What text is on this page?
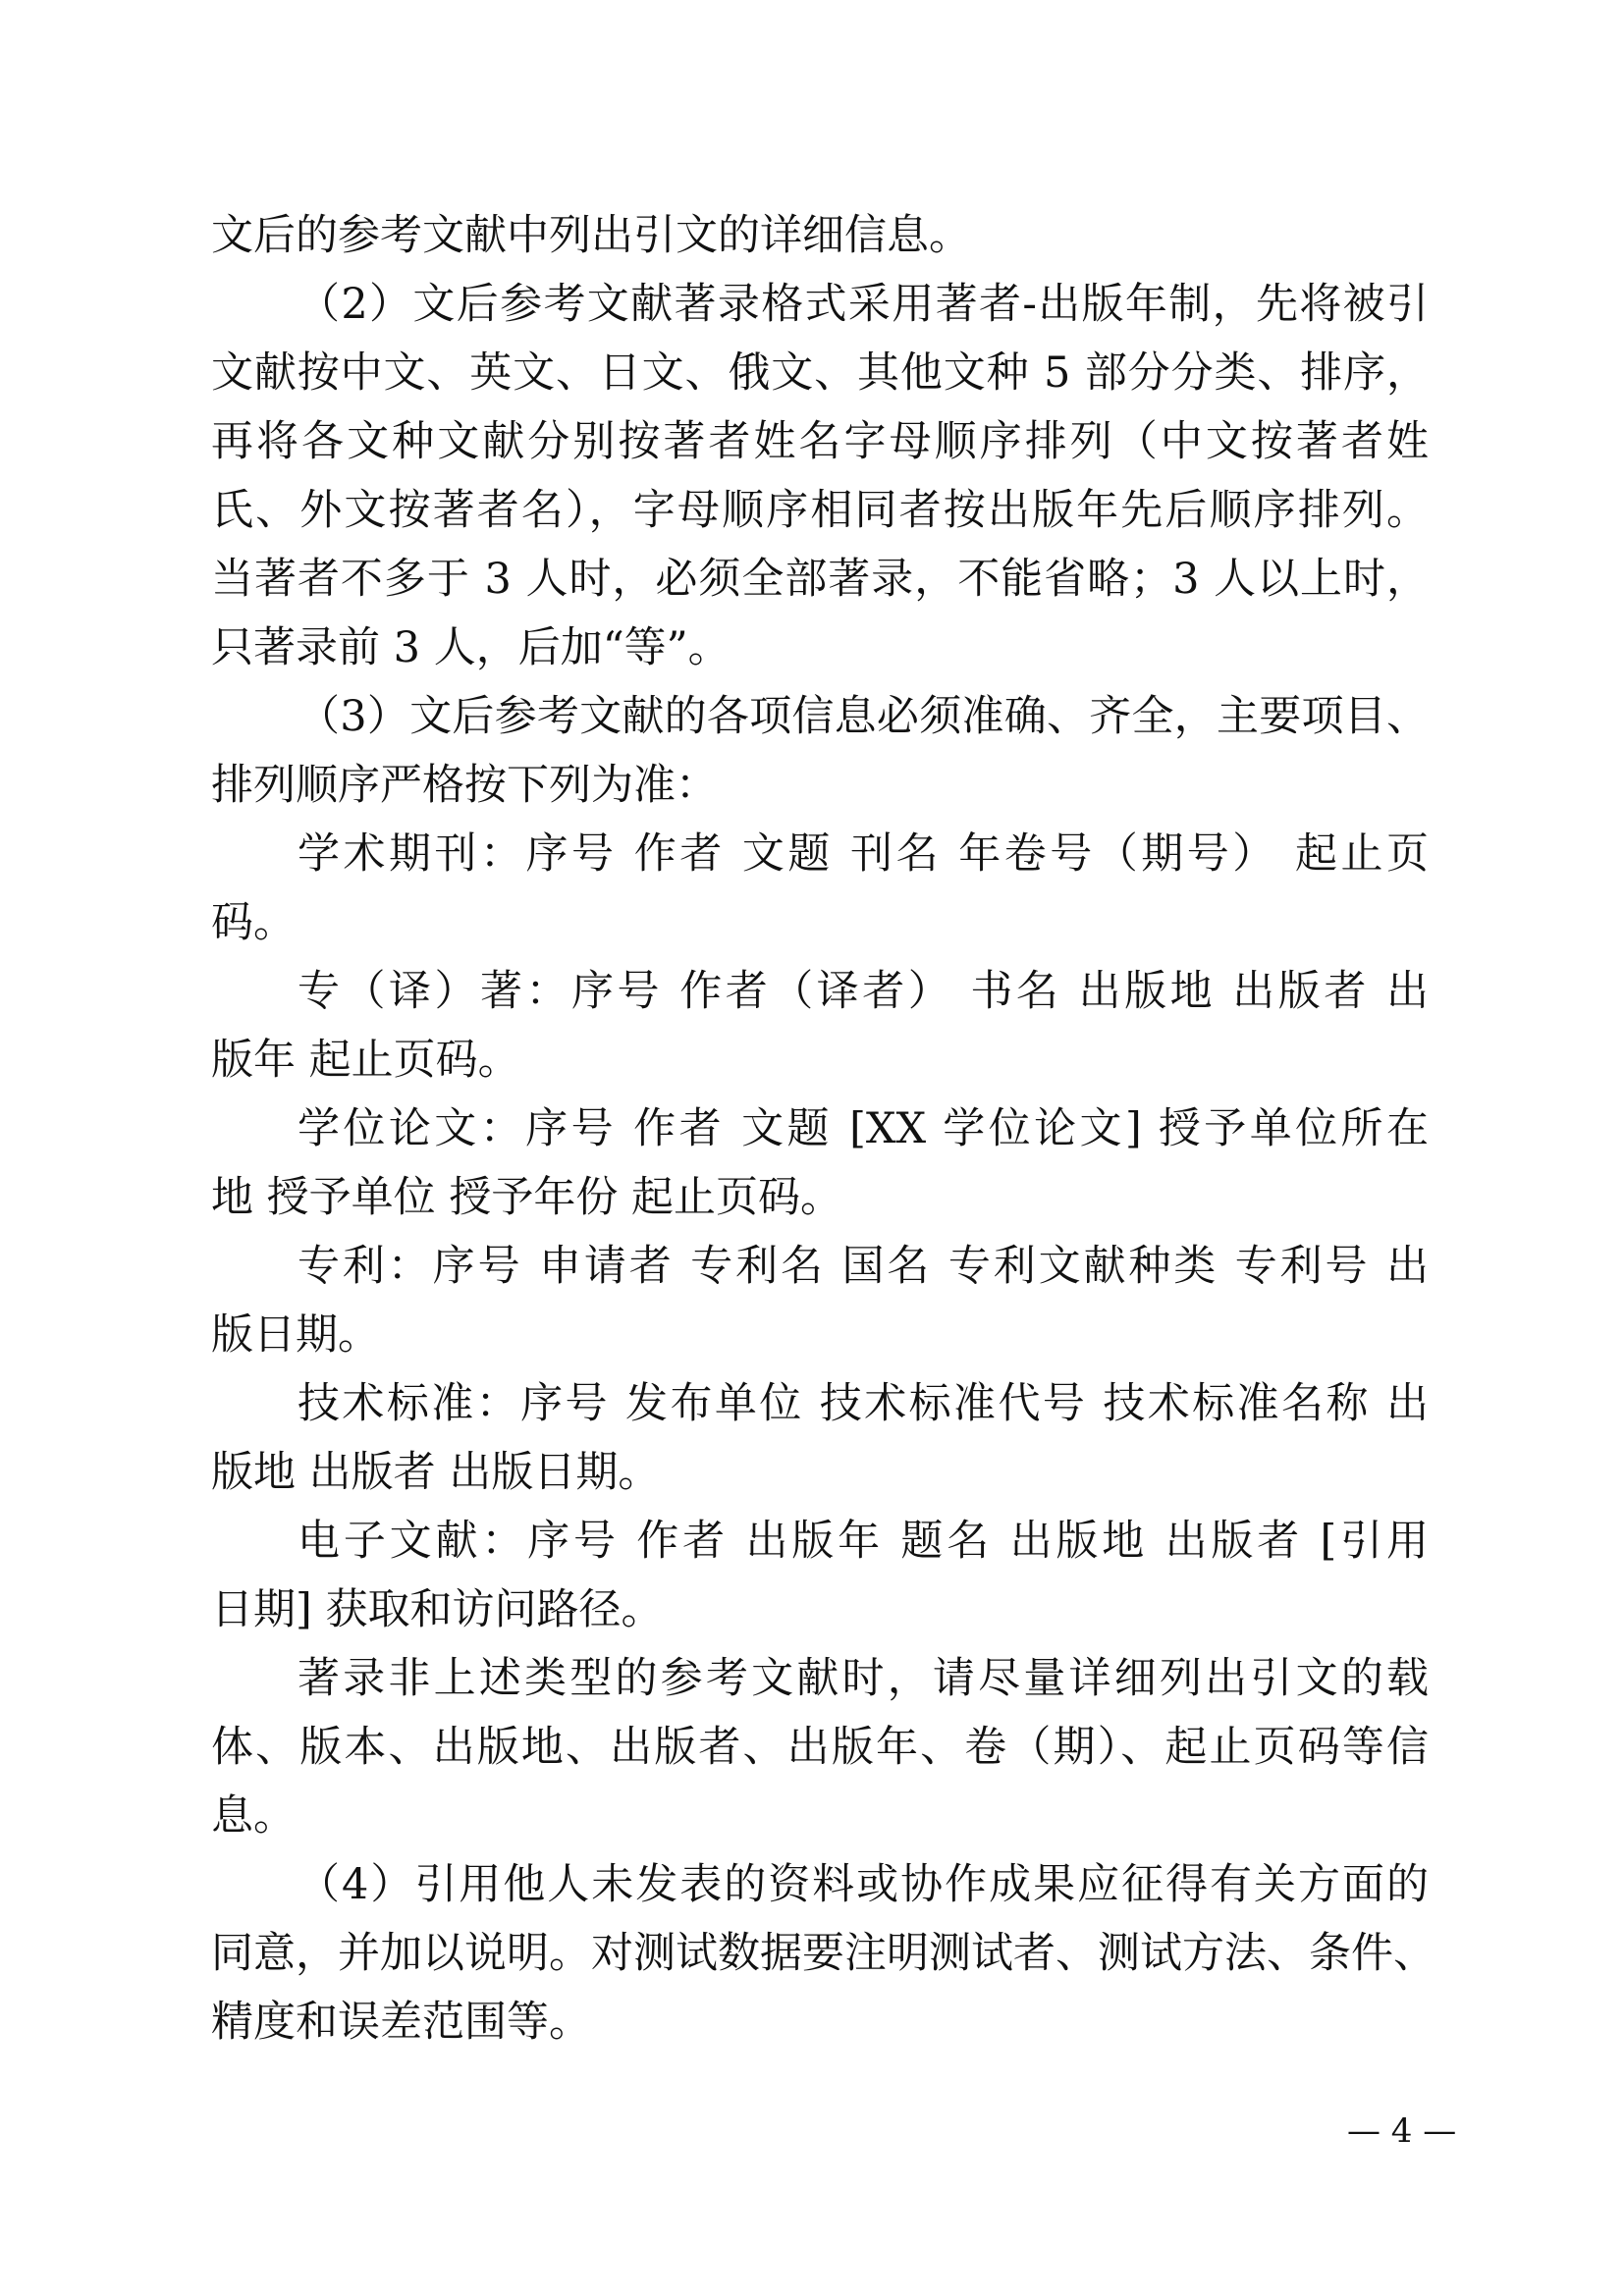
文后的参考文献中列出引文的详细信息。
（2）文后参考文献著录格式采用著者-出版年制，先将被引
文献按中文、英文、日文、俄文、其他文种 5 部分分类、排序，
再将各文种文献分别按著者姓名字母顺序排列（中文按著者姓
氏、外文按著者名），字母顺序相同者按出版年先后顺序排列。
当著者不多于 3 人时，必须全部著录，不能省略；3 人以上时，
只著录前 3 人，后加“等”。
（3）文后参考文献的各项信息必须准确、齐全，主要项目、
排列顺序严格按下列为准：
学术期刊：序号 作者 文题 刊名 年卷号（期号） 起止页
码。
专（译）著：序号 作者（译者） 书名 出版地 出版者 出
版年 起止页码。
学位论文：序号 作者 文题 [XX 学位论文] 授予单位所在
地 授予单位 授予年份 起止页码。
专利：序号 申请者 专利名 国名 专利文献种类 专利号 出
版日期。
技术标准：序号 发布单位 技术标准代号 技术标准名称 出
版地 出版者 出版日期。
电子文献：序号 作者 出版年 题名 出版地 出版者 [引用
日期] 获取和访问路径。
著录非上述类型的参考文献时，请尽量详细列出引文的载
体、版本、出版地、出版者、出版年、卷（期）、起止页码等信
息。
（4）引用他人未发表的资料或协作成果应征得有关方面的
同意，并加以说明。对测试数据要注明测试者、测试方法、条件、
精度和误差范围等。
— 4 —
